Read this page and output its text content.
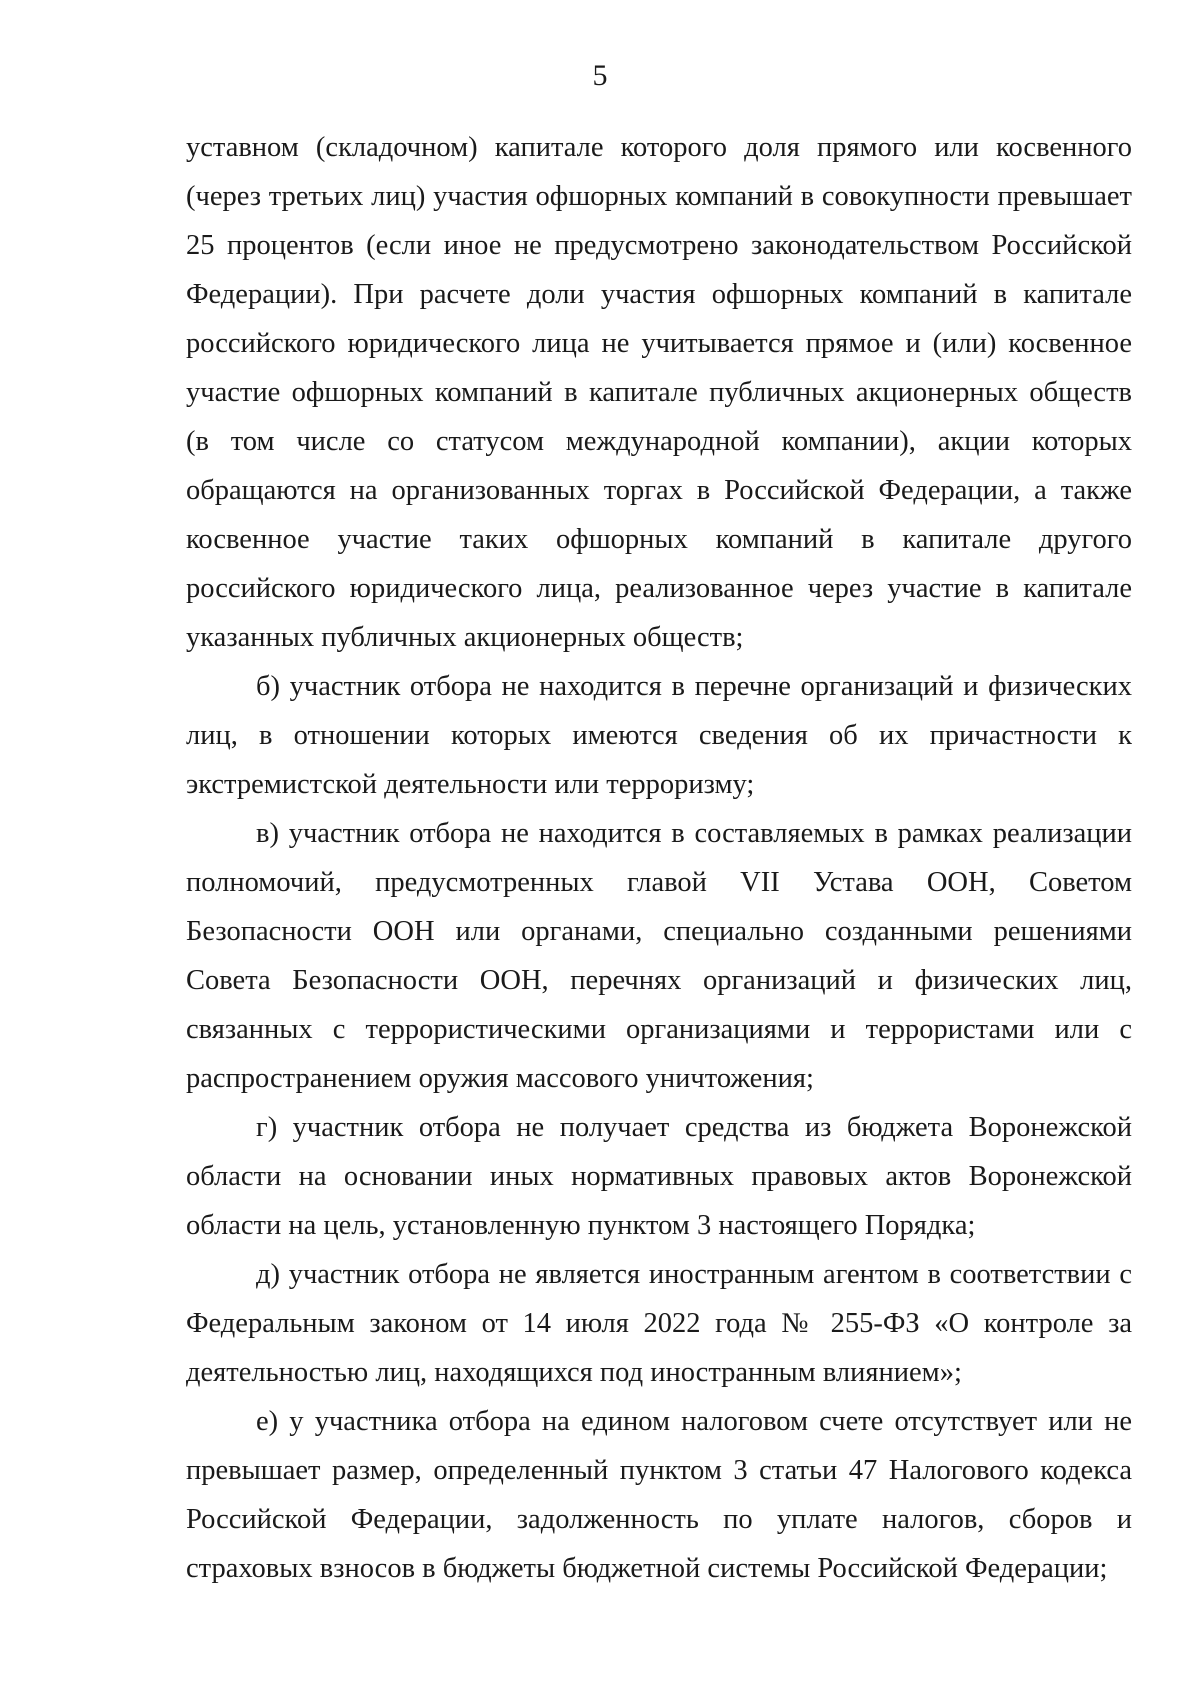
5

уставном (складочном) капитале которого доля прямого или косвенного (через третьих лиц) участия офшорных компаний в совокупности превышает 25 процентов (если иное не предусмотрено законодательством Российской Федерации). При расчете доли участия офшорных компаний в капитале российского юридического лица не учитывается прямое и (или) косвенное участие офшорных компаний в капитале публичных акционерных обществ (в том числе со статусом международной компании), акции которых обращаются на организованных торгах в Российской Федерации, а также косвенное участие таких офшорных компаний в капитале другого российского юридического лица, реализованное через участие в капитале указанных публичных акционерных обществ;

б) участник отбора не находится в перечне организаций и физических лиц, в отношении которых имеются сведения об их причастности к экстремистской деятельности или терроризму;

в) участник отбора не находится в составляемых в рамках реализации полномочий, предусмотренных главой VII Устава ООН, Советом Безопасности ООН или органами, специально созданными решениями Совета Безопасности ООН, перечнях организаций и физических лиц, связанных с террористическими организациями и террористами или с распространением оружия массового уничтожения;

г) участник отбора не получает средства из бюджета Воронежской области на основании иных нормативных правовых актов Воронежской области на цель, установленную пунктом 3 настоящего Порядка;

д) участник отбора не является иностранным агентом в соответствии с Федеральным законом от 14 июля 2022 года № 255-ФЗ «О контроле за деятельностью лиц, находящихся под иностранным влиянием»;

е) у участника отбора на едином налоговом счете отсутствует или не превышает размер, определенный пунктом 3 статьи 47 Налогового кодекса Российской Федерации, задолженность по уплате налогов, сборов и страховых взносов в бюджеты бюджетной системы Российской Федерации;
